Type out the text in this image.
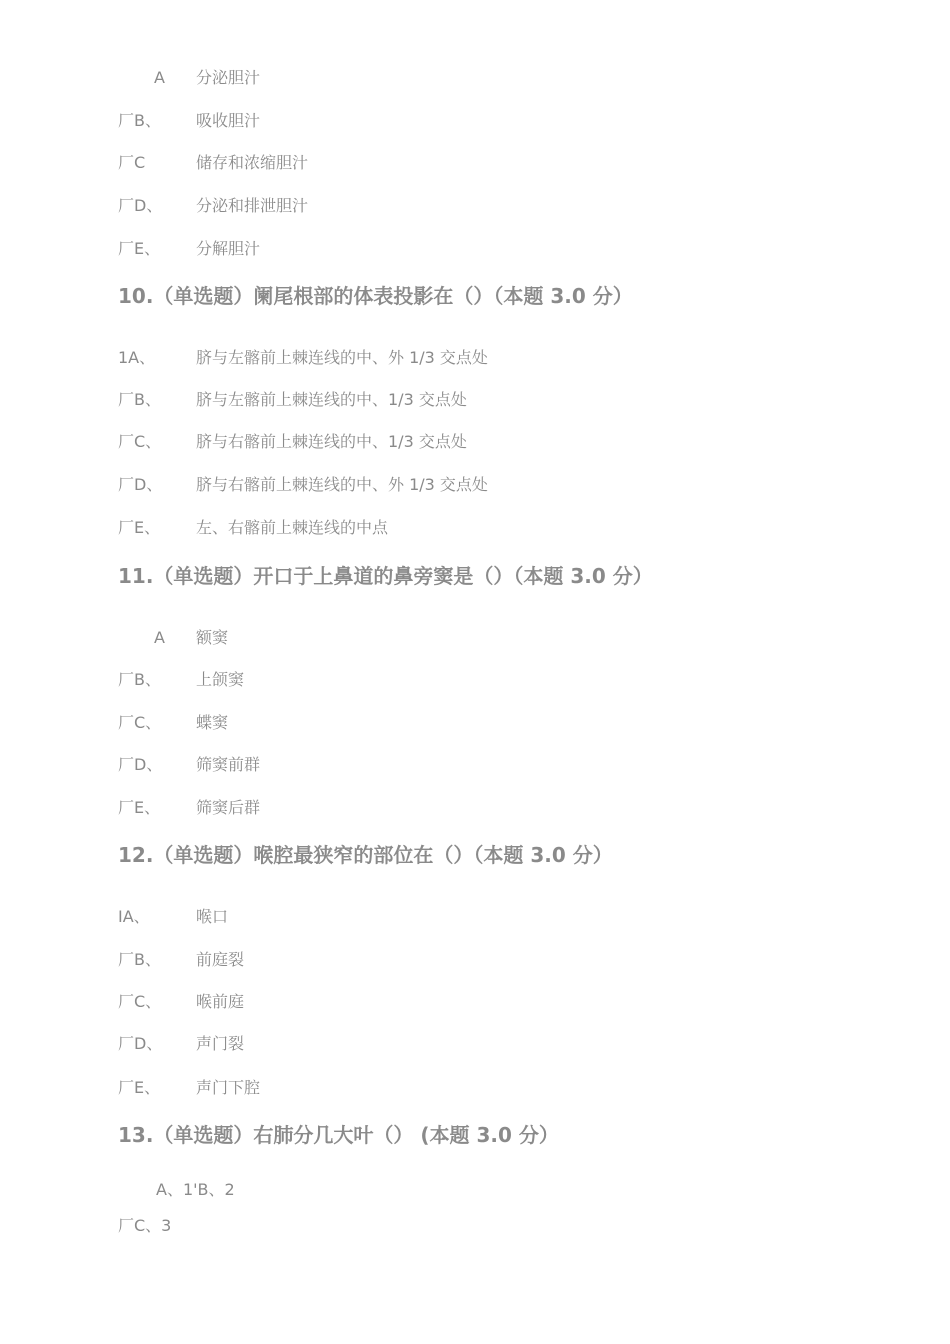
A 分泌胆汁
厂B、 吸收胆汁
厂C	储存和浓缩胆汁
厂D、 分泌和排泄胆汁
厂E、 分解胆汁
10.（单选题）阑尾根部的体表投影在（）（本题 3.0 分）
1A、	脐与左髂前上棘连线的中、外 1/3 交点处
厂B、 脐与左髂前上棘连线的中、1/3 交点处
厂C、 脐与右髂前上棘连线的中、1/3 交点处
厂D、 脐与右髂前上棘连线的中、外 1/3 交点处
厂E、 左、右髂前上棘连线的中点
11.（单选题）开口于上鼻道的鼻旁窦是（）（本题 3.0 分）
A 额窦
厂B、 上颌窦
厂C、 蝶窦
厂D、 筛窦前群
厂E、 筛窦后群
12.（单选题）喉腔最狭窄的部位在（）（本题 3.0 分）
IA、	喉口
厂B、 前庭裂
厂C、 喉前庭
厂D、 声门裂
厂E、 声门下腔
13.（单选题）右肺分几大叶（） (本题 3.0 分）
A、1'B、2
厂C、3
